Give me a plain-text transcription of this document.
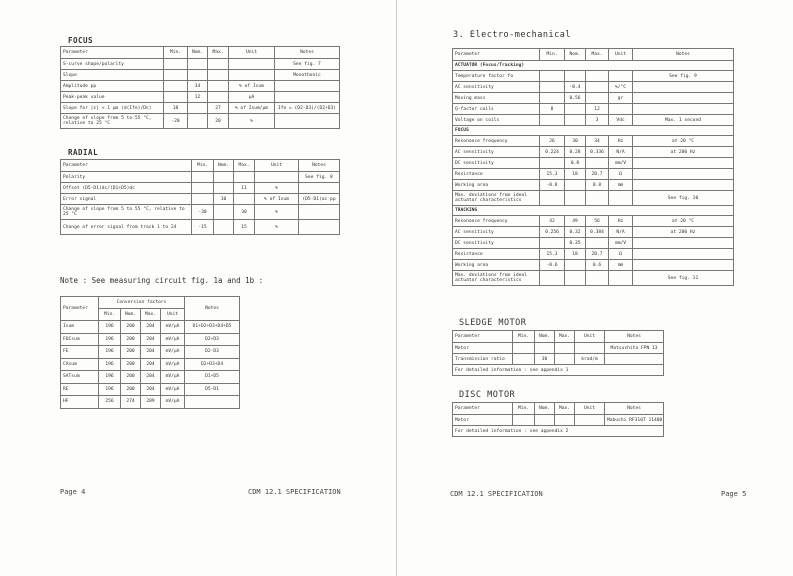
FOCUS
Parameter	Min.	Nom.	Max.	Unit	Notes
S-curve shape/polarity					See fig. 7
Slope					Monothonic
Amplitude pp		34		% of Isum	
Peak-peak value		12		μA	
Slope for |ε| < 1 μm (d(Ife)/Dε)	18		27	% of Isum/μm	Ife = (D2-D3)/(D2+D3)
Change of slope from 5 to 55 °C, relative to 25 °C	-20		20	%	
RADIAL
Parameter	Min.	Nom.	Max.	Unit	Notes
Polarity					See fig. 8
Offset (D5-D1)dc/(D1+D5)dc			11	%	
Error signal		10		% of Isum	(D5-D1)ac pp
Change of slope from 5 to 55 °C, relative to 25 °C	-30		30	%	
Change of error signal from track 1 to 24	-15		15	%	
Note : See measuring circuit fig. 1a and 1b :
Parameter	Conversion factors				Notes
	Min.	Nom.	Max.	Unit	
Isum	196	200	204	mV/μA	D1+D2+D3+D4+D5
FOCsum	196	200	204	mV/μA	D2+D3
FE	196	200	204	mV/μA	D2-D3
CAsum	196	200	204	mV/μA	D2+D3+D4
SATsum	196	200	204	mV/μA	D1+D5
RE	196	200	204	mV/μA	D5-D1
HF	256	274	289	mV/μA	
Page 4	CDM 12.1 SPECIFICATION
3. Electro-mechanical
Parameter	Min.	Nom.	Max.	Unit	Notes
ACTUATOR (Focus/Tracking)					
Temperature factor fo					See fig. 9
AC sensitivity		-0.4		%/°C	
Moving mass		0.56		gr	
Q-factor coils	8		12		
Voltage on coils			3	Vdc	Max. 1 second
FOCUS					
Resonance frequency	26	30	34	Hz	at 20 °C
AC sensitivity	0.224	0.28	0.336	N/A	at 200 Hz
DC sensitivity		0.8		mm/V	
Resistance	15.3	18	20.7	Ω	
Working area	-0.8		0.8	mm	
Max. deviations from ideal actuator characteristics					See fig. 10
TRACKING					
Resonance frequency	42	49	56	Hz	at 20 °C
AC sensitivity	0.256	0.32	0.384	N/A	at 200 Hz
DC sensitivity		0.35		mm/V	
Resistance	15.3	18	20.7	Ω	
Working area	-0.6		0.6	mm	
Max. deviations from ideal actuator characteristics					See fig. 11
SLEDGE MOTOR
Parameter	Min.	Nom.	Max.	Unit	Notes
Motor					Matsushita FPN 13
Transmission ratio		30		krad/m	
For detailed information : see appendix 1					
DISC MOTOR
Parameter	Min.	Nom.	Max.	Unit	Notes
Motor					Mabuchi RF310T 11400
For detailed information : see appendix 2					
CDM 12.1 SPECIFICATION	Page 5
